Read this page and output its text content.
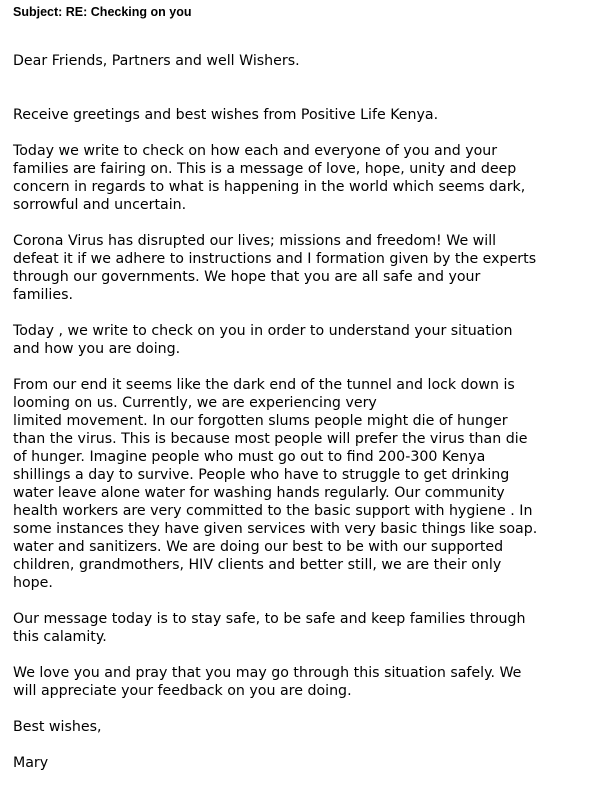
Subject: RE: Checking on you

Dear Friends, Partners and well Wishers.

Receive greetings and best wishes from Positive Life Kenya.

Today we write to check on how each and everyone of you and your
families are fairing on. This is a message of love, hope, unity and deep
concern in regards to what is happening in the world which seems dark,
sorrowful and uncertain.

Corona Virus has disrupted our lives; missions and freedom! We will
defeat it if we adhere to instructions and I formation given by the experts
through our governments. We hope that you are all safe and your
families.

Today , we write to check on you in order to understand your situation
and how you are doing.

From our end it seems like the dark end of the tunnel and lock down is
looming on us. Currently, we are experiencing very
limited movement. In our forgotten slums people might die of hunger
than the virus. This is because most people will prefer the virus than die
of hunger. Imagine people who must go out to find 200-300 Kenya
shillings a day to survive. People who have to struggle to get drinking
water leave alone water for washing hands regularly. Our community
health workers are very committed to the basic support with hygiene . In
some instances they have given services with very basic things like soap.
water and sanitizers. We are doing our best to be with our supported
children, grandmothers, HIV clients and better still, we are their only
hope.

Our message today is to stay safe, to be safe and keep families through
this calamity.

We love you and pray that you may go through this situation safely. We
will appreciate your feedback on you are doing.

Best wishes,

Mary
